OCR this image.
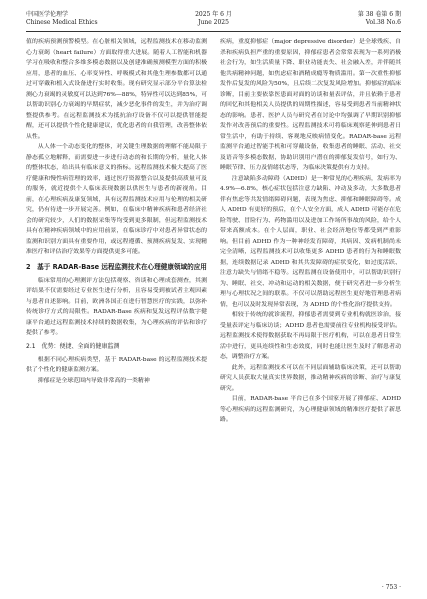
中国医学伦理学
Chinese Medical Ethics
2025 年 6 月
June 2025
第 38 卷第 6 期
Vol.38 No.6

值的疾病预测预警模型。在心脏相关领域，远程监测技术在移动监测心力衰竭（heart failure）方面取得重大进展。随着人工智能和机器学习在吸收和整合多维多模态数据以及创建准确预测模型方面的积极应用，患者的血压、心率变异性、呼吸模式和其他生理参数都可以通过可穿戴和植入式设备进行实时收集。现有研究显示部分平台算法检测心力衰竭的灵敏度可以达到76%—88%，特异性可以达到85%，可以帮助识别心力衰竭的早期症状，减少恶化事件的发生，并为治疗调整提供参考。在远程监测技术为抵抗治疗设备不仅可以提供智能提醒，还可以提供个性化健康建议，优化患者的自我管理，改善整体依从性。

从人体一个动态变化的整体，对关键生理数据的理解不能局限于静态孤立地解释，而需要进一步进行动态的和长期的分析，量化人体的整体状态，给出具有临床意义的指标。远程监测技术极大提高了医疗健康和慢性病管理的效率，通过医疗资源整合以及提供高质量可及的服务，就近提供个人临床表现数据以供医生与患者的新视角。目前，在心理疾病及康复领域，具有远程监测技术应用与伦理的相关研究，仍有待进一步开展完善。例如，在临床中精神疾病和患者经济社会的研究较少，人们的数据采集等均受到更多限制，但远程监测技术具有在精神疾病领域中的应用前景，在临床诊疗中对患者异常状态的监测和识别方面具有重要作用，或远程遵循、预测疾病复发、实现精准医疗和评估治疗效果等方面提供更多可能。

2　基于 RADAR-Base 远程监测技术在心理健康领域的应用

临床常用的心理测评方法包括观察、咨谈和心理成套测查，其测评结果不仅需要经过专业医生进行分析，且容易受到被试者主观因素与患者自述影响。目前，欧洲各国正在进行智慧医疗的实践，以弥补传统诊疗方式的局限性。RADAR-Base 疾病和复发远程评估数字健康平台通过远程监测技术持续的数据收集，为心理疾病的评估和诊疗提供了参考。

2.1　优势：便捷、全面的健康监测

根据不同心理疾病类型，基于 RADAR-base 的远程监测技术提供了个性化的健康监测方案。

抑郁症是全球范围内导致非常高的一类精神

疾病，重度抑郁症（major depressive disorder）是全球残疾、自杀和疾病负担严重的重要原因，抑郁症患者会常常表现为一系列消极社会行为，如生活质量下降、职业功能丧失、社会融入差，并伴随其他共病精神问题，如焦虑症和酒精成瘾等物质滥用。第一次重性抑郁发作后复发的风险为50%，且后续二次复发风险增加。抑郁症的临床诊断，目前主要依靠医患面对面的访谈和量表评估，并且依赖于患者的回忆和其他相关人员提供的周期性描述，容易受到患者当前精神状态的影响。患者、医护人员与研究者在讨论中均强调了早期识别抑郁发作对改善预后的重要性。远程监测技术可将临床观察延伸到患者日常生活中，有助于持续、客观地反映病情变化。RADAR-base 远程监测平台通过智能手机和可穿戴设备，收集患者的睡眠、活动、社交及语音等多模态数据，协助识别用户潜在的抑郁复发信号，如行为、睡眠节律、压力及情绪状态等，为临床决策提供有力支持。

注意缺陷多动障碍（ADHD）是一种常见的心理疾病，发病率为4.9%—6.8%，核心症状包括注意力缺陷、冲动及多动，大多数患者伴有焦虑等共发情绪障碍问题，表现为焦虑、抑郁和睡眠障碍等。成人 ADHD 有更好的预后，在个人安全方面，成人 ADHD 可能存在危险驾驶、冒险行为、药物滥用以及进加工作场所事故的风险，给个人带来高额成本。在个人层面，职业、社会经济地位等都受到严重影响。但目前 ADHD 作为一种神经发育障碍，其病因、发病机制尚未完全清晰，远程监测技术可以收集更多 ADHD 患者的行为和睡眠数据，连续数据记录 ADHD 和其共发障碍的症状变化，如过度活跃、注意力缺失与情绪不稳等。远程监测在设备使用中，可以帮助识别行为、睡眠、社交、冲动和运动的相关数据，便于研究者进一步分析生理与心理状况之间的联系。不仅可以帮助远程医生更好地管理患者病情，也可以及时发现异常表现，为 ADHD 的个性化治疗提供支持。

相较于传统的就诊流程，抑郁患者需要到专业机构就医诊治，接受量表评定与临床访谈；ADHD 患者也需要前往专业机构接受评估。远程监测技术使得数据获取不再局限于医疗机构，可以在患者日常生活中进行，更具连续性和生态效度，同时也能让医生及时了解患者动态，调整治疗方案。

此外，远程监测技术可以在不同层面辅助临床决策，还可以帮助研究人员获取大量真实世界数据，推动精神疾病的诊断、治疗与康复研究。

目前，RADAR-base 平台已在多个国家开展了抑郁症、ADHD 等心理疾病的远程监测研究，为心理健康领域的精准医疗提供了新思路。

· 753 ·
